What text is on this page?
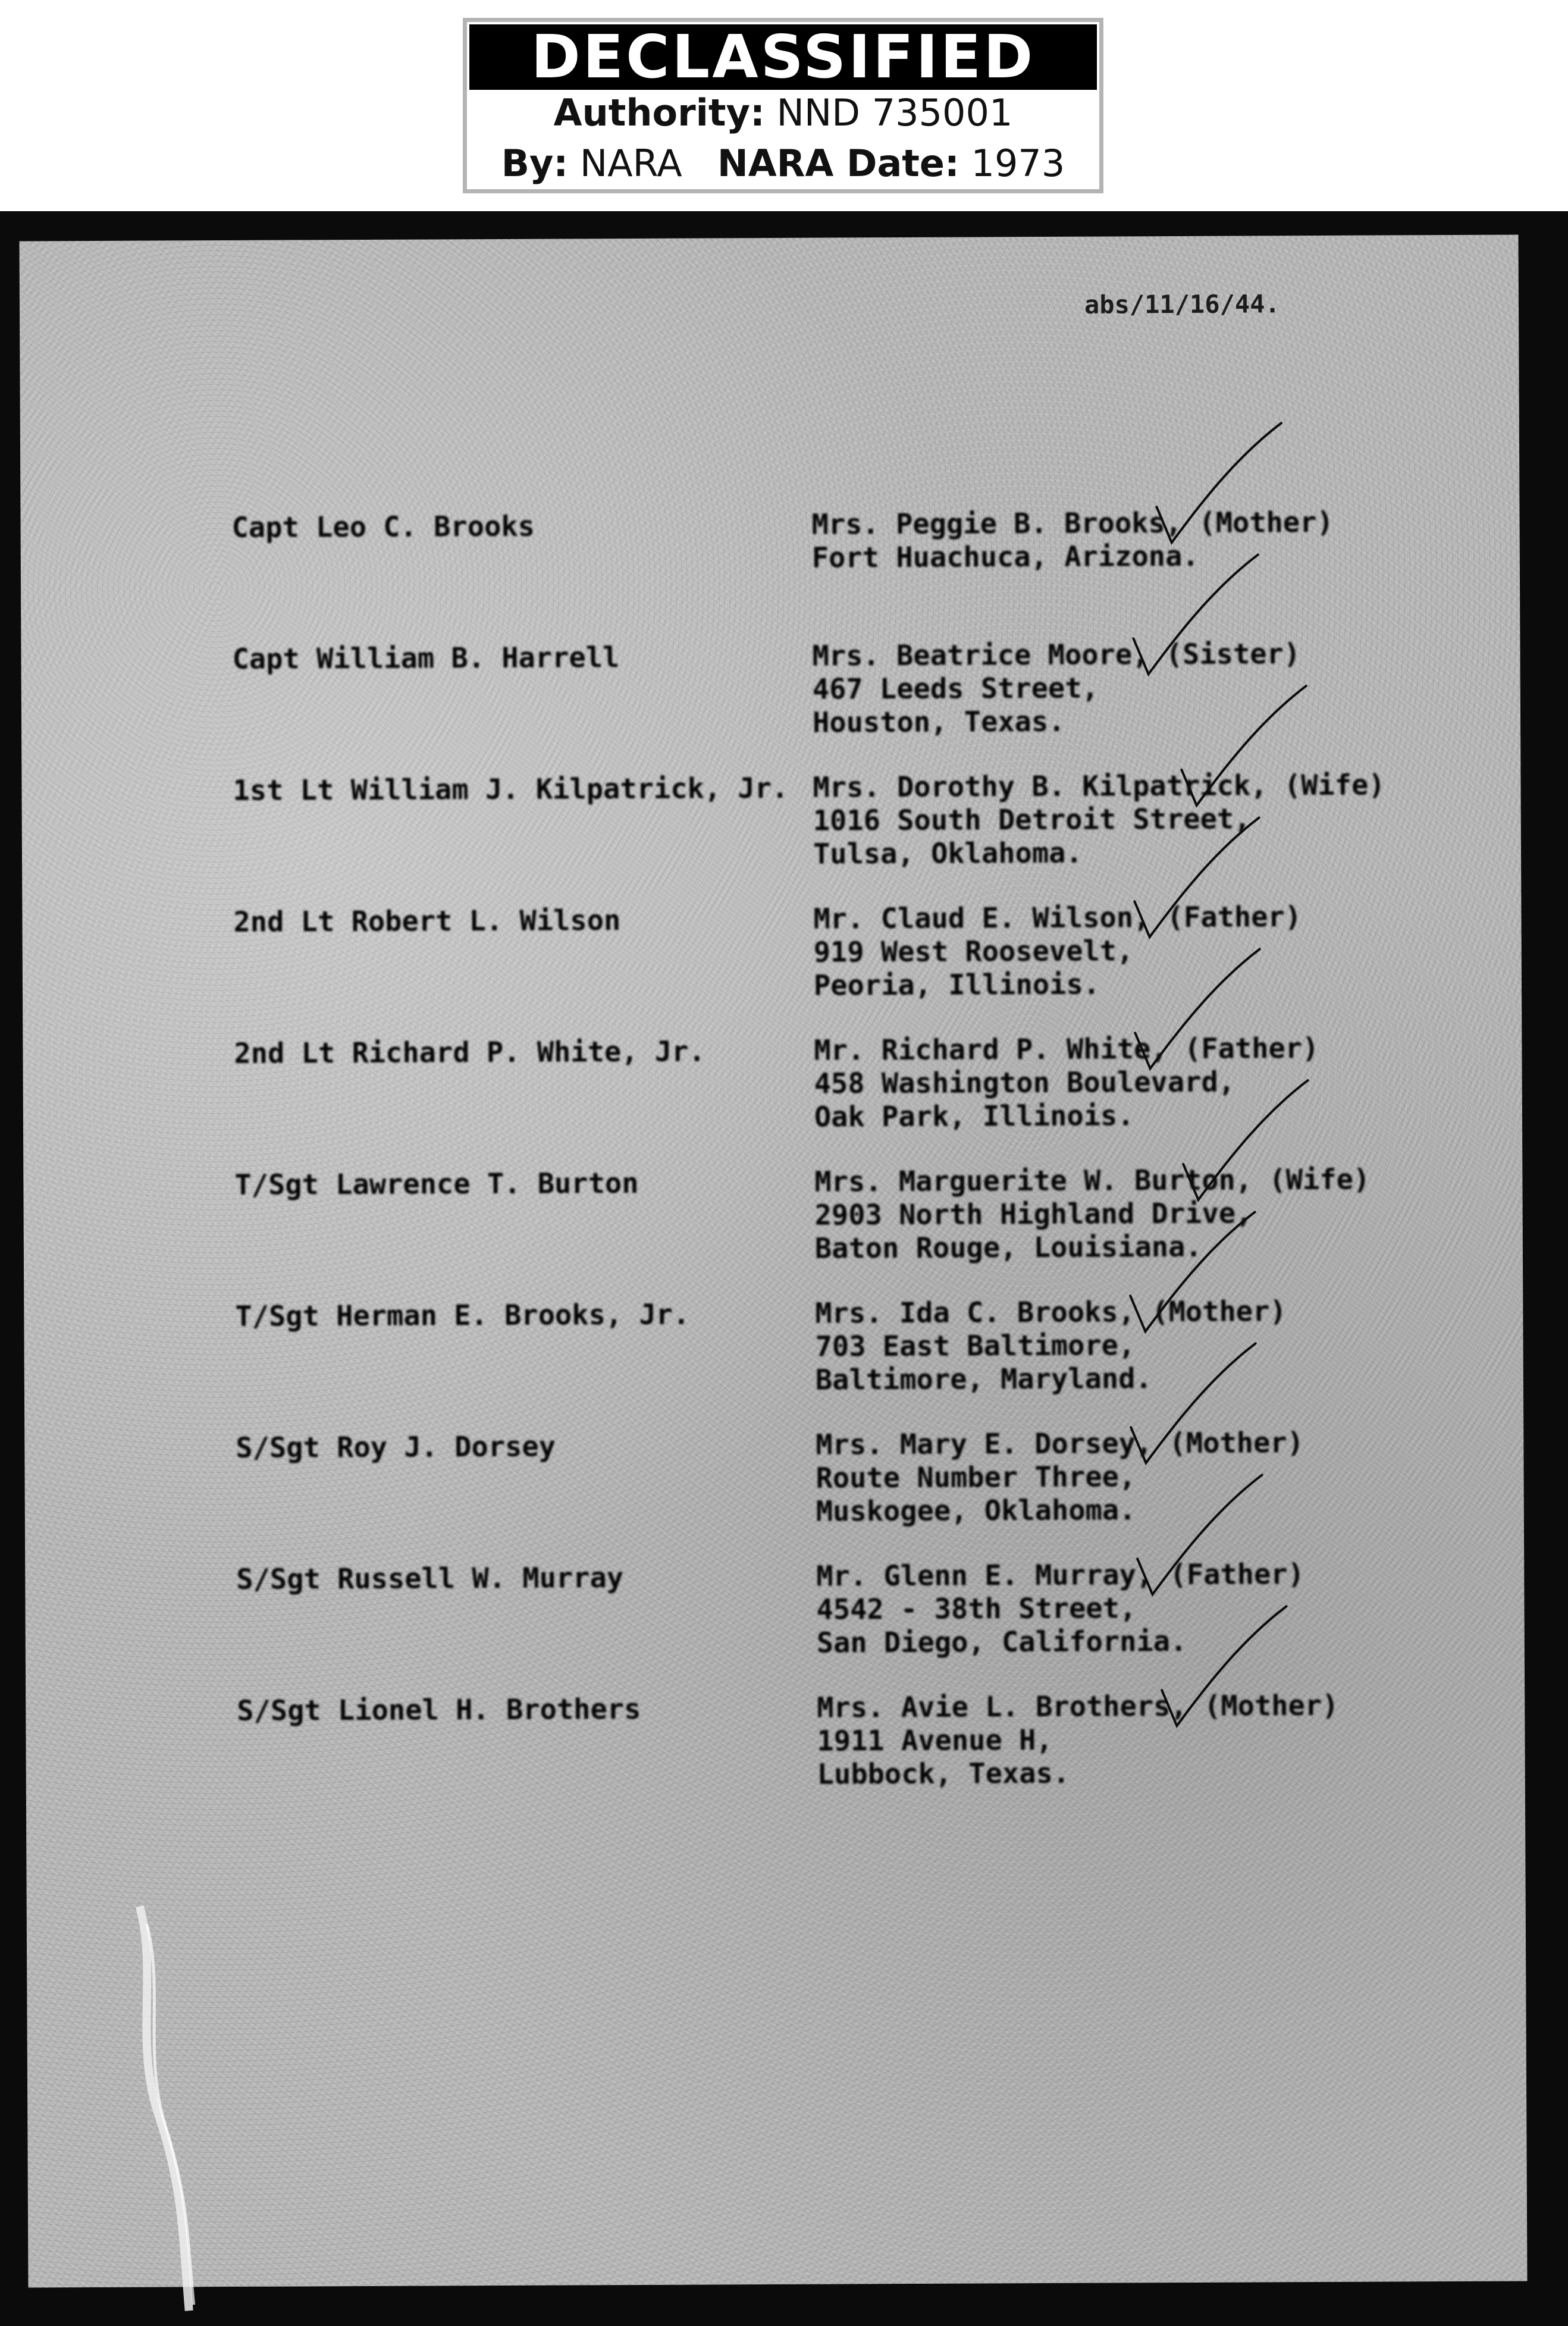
DECLASSIFIED
Authority: NND 735001
By: NARA NARA Date: 1973
abs/11/16/44.
Capt Leo C. Brooks	Mrs. Peggie B. Brooks, (Mother)
Fort Huachuca, Arizona.
Capt William B. Harrell	Mrs. Beatrice Moore, (Sister)
467 Leeds Street,
Houston, Texas.
1st Lt William J. Kilpatrick, Jr. Mrs. Dorothy B. Kilpatrick, (Wife)
1016 South Detroit Street,
Tulsa, Oklahoma.
2nd Lt Robert L. Wilson	Mr. Claud E. Wilson, (Father)
919 West Roosevelt,
Peoria, Illinois.
2nd Lt Richard P. White, Jr.	Mr. Richard P. White, (Father)
458 Washington Boulevard,
Oak Park, Illinois.
T/Sgt Lawrence T. Burton	Mrs. Marguerite W. Burton, (Wife)
2903 North Highland Drive,
Baton Rouge, Louisiana.
T/Sgt Herman E. Brooks, Jr.	Mrs. Ida C. Brooks, (Mother)
703 East Baltimore,
Baltimore, Maryland.
S/Sgt Roy J. Dorsey	Mrs. Mary E. Dorsey, (Mother)
Route Number Three,
Muskogee, Oklahoma.
S/Sgt Russell W. Murray	Mr. Glenn E. Murray, (Father)
4542 - 38th Street,
San Diego, California.
S/Sgt Lionel H. Brothers	Mrs. Avie L. Brothers, (Mother)
1911 Avenue H,
Lubbock, Texas.
